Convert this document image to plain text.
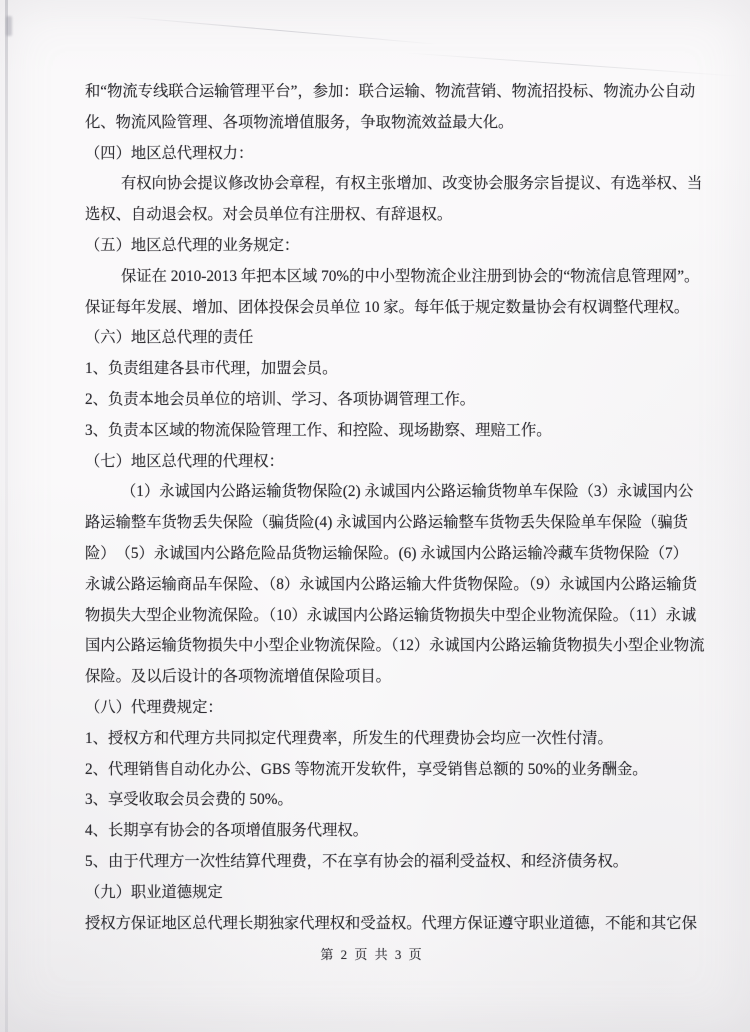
和“物流专线联合运输管理平台”，参加：联合运输、物流营销、物流招投标、物流办公自动
化、物流风险管理、各项物流增值服务，争取物流效益最大化。
（四）地区总代理权力：
有权向协会提议修改协会章程，有权主张增加、改变协会服务宗旨提议、有选举权、当
选权、自动退会权。对会员单位有注册权、有辞退权。
（五）地区总代理的业务规定：
保证在 2010-2013 年把本区域 70%的中小型物流企业注册到协会的“物流信息管理网”。
保证每年发展、增加、团体投保会员单位 10 家。每年低于规定数量协会有权调整代理权。
（六）地区总代理的责任
1、负责组建各县市代理，加盟会员。
2、负责本地会员单位的培训、学习、各项协调管理工作。
3、负责本区域的物流保险管理工作、和控险、现场勘察、理赔工作。
（七）地区总代理的代理权：
（1）永诚国内公路运输货物保险(2) 永诚国内公路运输货物单车保险（3）永诚国内公
路运输整车货物丢失保险（骗货险(4) 永诚国内公路运输整车货物丢失保险单车保险（骗货
险）　（5）永诚国内公路危险品货物运输保险。(6) 永诚国内公路运输冷藏车货物保险（7）
永诚公路运输商品车保险、（8）永诚国内公路运输大件货物保险。（9）永诚国内公路运输货
物损失大型企业物流保险。（10）永诚国内公路运输货物损失中型企业物流保险。（11）永诚
国内公路运输货物损失中小型企业物流保险。（12）永诚国内公路运输货物损失小型企业物流
保险。及以后设计的各项物流增值保险项目。
（八）代理费规定：
1、授权方和代理方共同拟定代理费率，所发生的代理费协会均应一次性付清。
2、代理销售自动化办公、GBS 等物流开发软件，享受销售总额的 50%的业务酬金。
3、享受收取会员会费的 50%。
4、长期享有协会的各项增值服务代理权。
5、由于代理方一次性结算代理费，不在享有协会的福利受益权、和经济债务权。
（九）职业道德规定
授权方保证地区总代理长期独家代理权和受益权。代理方保证遵守职业道德，不能和其它保
第 2 页 共 3 页
